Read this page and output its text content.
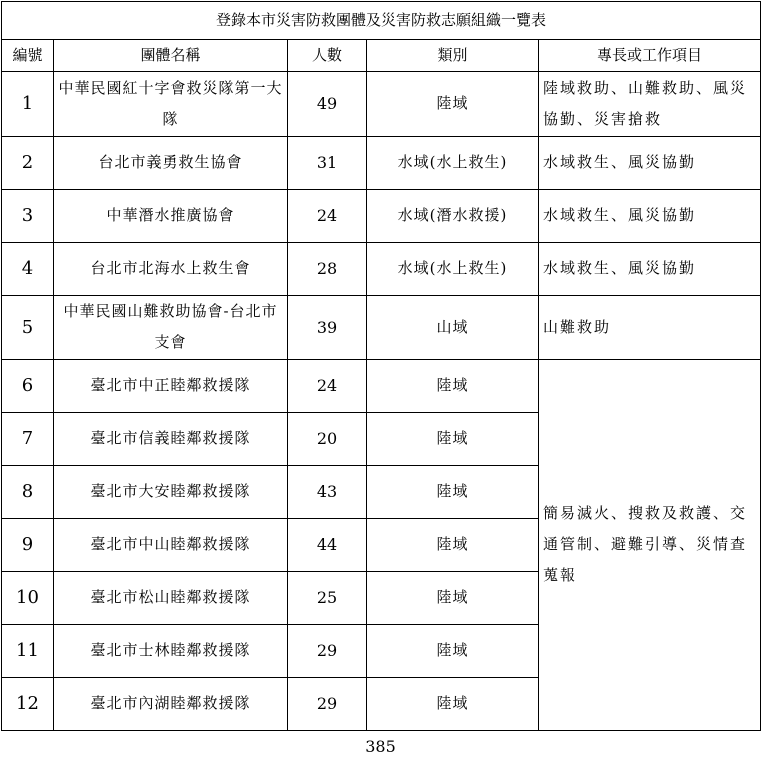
登錄本市災害防救團體及災害防救志願組織一覽表				
編號	團體名稱	人數	類別	專長或工作項目
1	中華民國紅十字會救災隊第一大隊	49	陸域	陸域救助、山難救助、風災協勤、災害搶救
2	台北市義勇救生協會	31	水域(水上救生)	水域救生、風災協勤
3	中華潛水推廣協會	24	水域(潛水救援)	水域救生、風災協勤
4	台北市北海水上救生會	28	水域(水上救生)	水域救生、風災協勤
5	中華民國山難救助協會-台北市支會	39	山域	山難救助
6	臺北市中正睦鄰救援隊	24	陸域	簡易滅火、搜救及救護、交通管制、避難引導、災情查蒐報
7	臺北市信義睦鄰救援隊	20	陸域	
8	臺北市大安睦鄰救援隊	43	陸域	
9	臺北市中山睦鄰救援隊	44	陸域	
10	臺北市松山睦鄰救援隊	25	陸域	
11	臺北市士林睦鄰救援隊	29	陸域	
12	臺北市內湖睦鄰救援隊	29	陸域	
385
